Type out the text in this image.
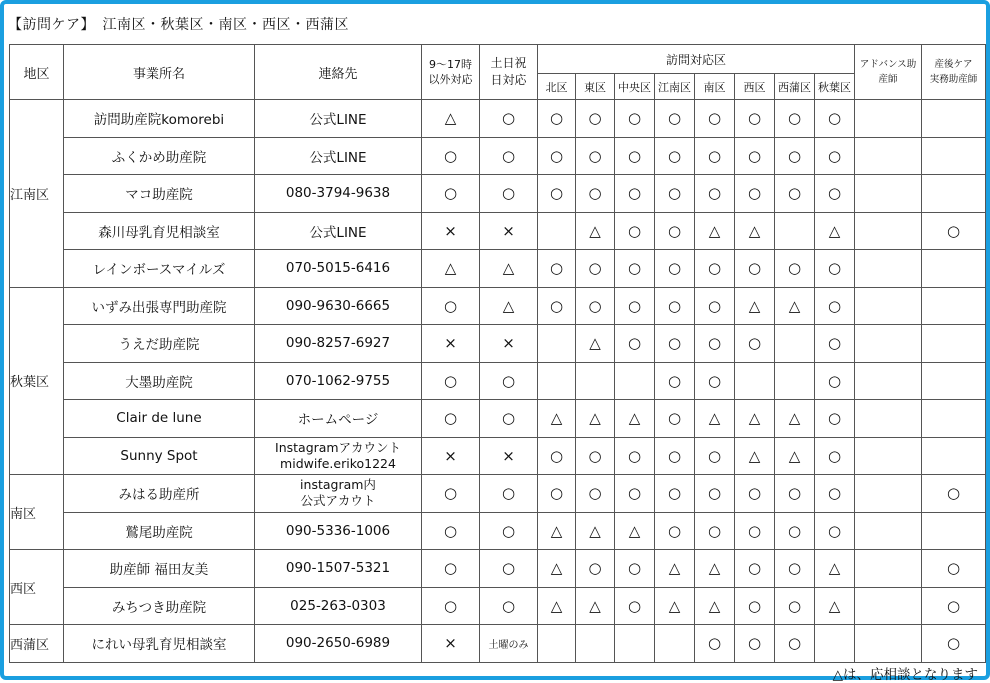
【訪問ケア】　江南区・秋葉区・南区・西区・西蒲区
地区	事業所名	連絡先	9～17時
以外対応	土日祝
日対応	訪問対応区								アドバンス助産師	産後ケア
実務助産師

					北区	東区	中央区	江南区	南区	西区	西蒲区	秋葉区		
江南区	訪問助産院komorebi	公式LINE	△	○	○	○	○	○	○	○	○	○		
	ふくかめ助産院	公式LINE	○	○	○	○	○	○	○	○	○	○		
	マコ助産院	080-3794-9638	○	○	○	○	○	○	○	○	○	○		
	森川母乳育児相談室	公式LINE	×	×		△	○	○	△	△		△		○
	レインボースマイルズ	070-5015-6416	△	△	○	○	○	○	○	○	○	○		
秋葉区	いずみ出張専門助産院	090-9630-6665	○	△	○	○	○	○	○	△	△	○		
	うえだ助産院	090-8257-6927	×	×		△	○	○	○	○		○		
	大墨助産院	070-1062-9755	○	○				○	○			○		
	Clair de lune	ホームページ	○	○	△	△	△	○	△	△	△	○		
	Sunny Spot	Instagramアカウント
midwife.eriko1224	×	×	○	○	○	○	○	△	△	○		
南区	みはる助産所	instagram内
公式アカウト	○	○	○	○	○	○	○	○	○	○		○
	鷲尾助産院	090-5336-1006	○	○	△	△	△	○	○	○	○	○		
西区	助産師 福田友美	090-1507-5321	○	○	△	○	○	△	△	○	○	△		○
	みちつき助産院	025-263-0303	○	○	△	△	○	△	△	○	○	△		○
西蒲区	にれい母乳育児相談室	090-2650-6989	×	土曜のみ					○	○	○			○
△は、応相談となります
